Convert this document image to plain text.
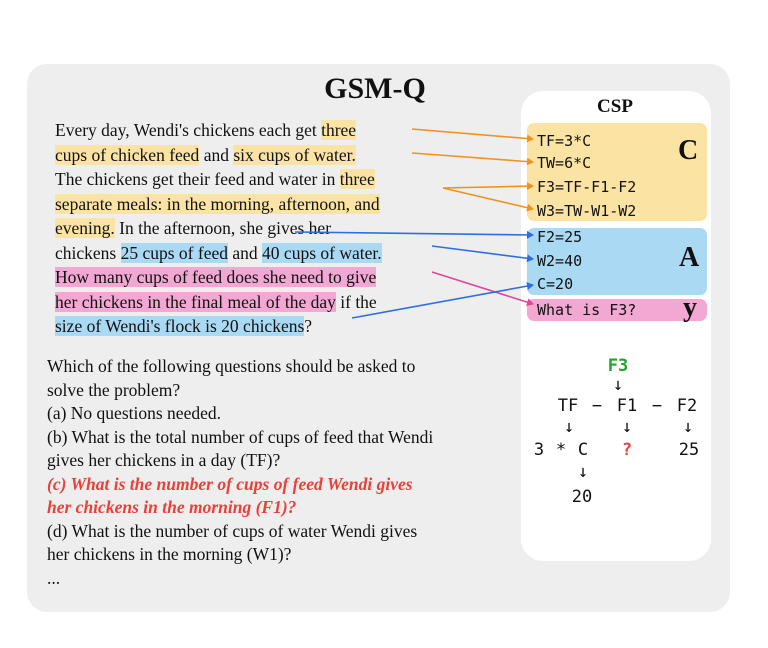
GSM-Q
Every day, Wendi's chickens each get three
cups of chicken feed and six cups of water.
The chickens get their feed and water in three
separate meals: in the morning, afternoon, and
evening. In the afternoon, she gives her
chickens 25 cups of feed and 40 cups of water.
How many cups of feed does she need to give
her chickens in the final meal of the day if the
size of Wendi's flock is 20 chickens?
Which of the following questions should be asked to
solve the problem?
(a) No questions needed.
(b) What is the total number of cups of feed that Wendi
gives her chickens in a day (TF)?
(c) What is the number of cups of feed Wendi gives
her chickens in the morning (F1)?
(d) What is the number of cups of water Wendi gives
her chickens in the morning (W1)?
...
CSP
TF=3*C
TW=6*C
F3=TF-F1-F2
W3=TW-W1-W2
C
F2=25
W2=40
C=20
A
What is F3? y
F3
↓
TF − F1 − F2
↓	↓	↓
3 * C ?	25
↓
20
